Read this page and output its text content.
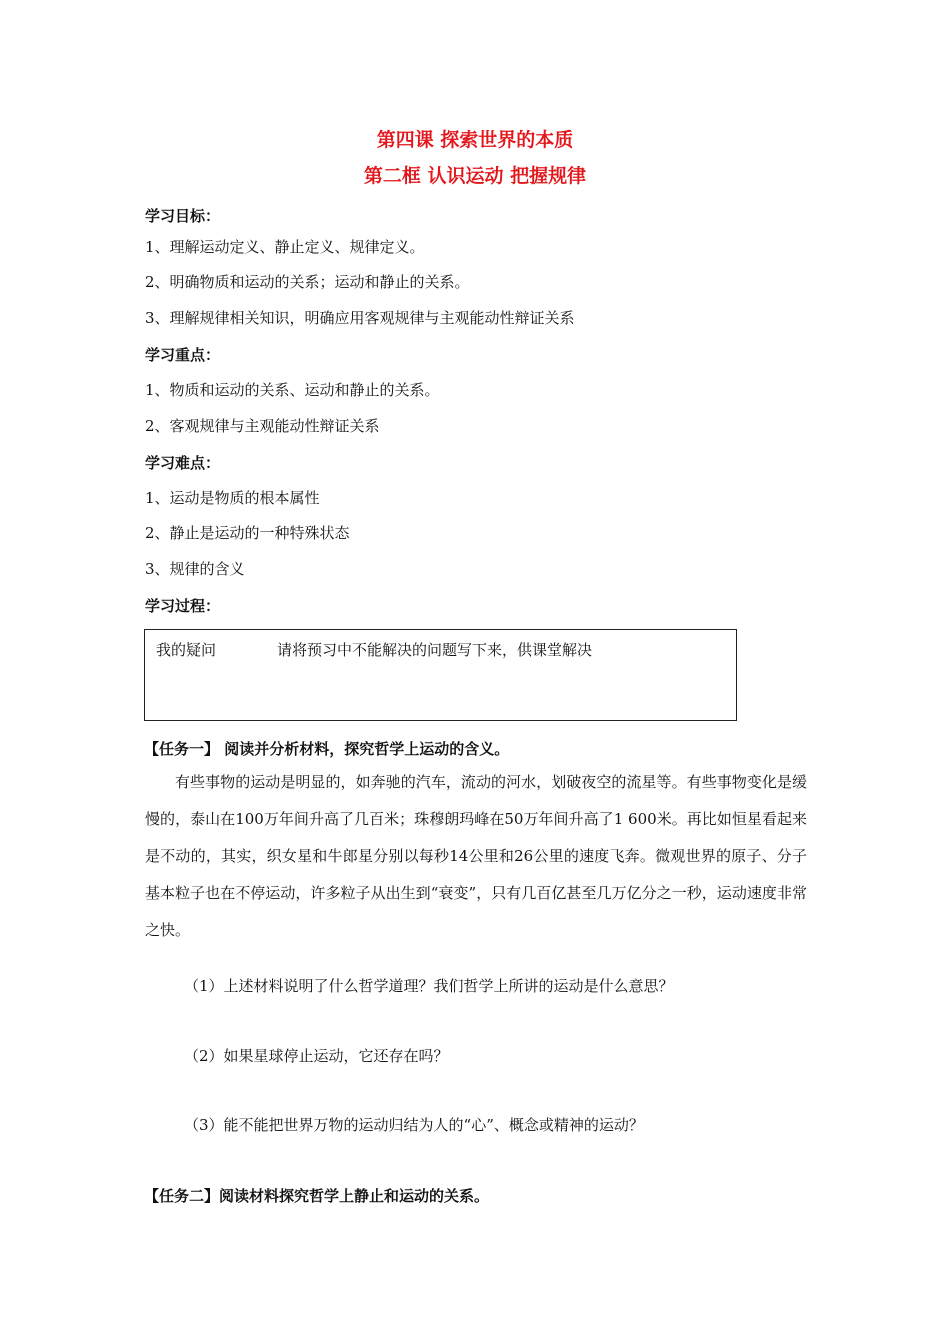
第四课 探索世界的本质
第二框 认识运动 把握规律
学习目标：
1、理解运动定义、静止定义、规律定义。
2、明确物质和运动的关系；运动和静止的关系。
3、理解规律相关知识，明确应用客观规律与主观能动性辩证关系
学习重点：
1、物质和运动的关系、运动和静止的关系。
2、客观规律与主观能动性辩证关系
学习难点：
1、运动是物质的根本属性
2、静止是运动的一种特殊状态
3、规律的含义
学习过程：
我的疑问	请将预习中不能解决的问题写下来，供课堂解决
【任务一】 阅读并分析材料，探究哲学上运动的含义。
有些事物的运动是明显的，如奔驰的汽车，流动的河水，划破夜空的流星等。有些事物变化是缓慢的，泰山在100万年间升高了几百米；珠穆朗玛峰在50万年间升高了1 600米。再比如恒星看起来是不动的，其实，织女星和牛郎星分别以每秒14公里和26公里的速度飞奔。微观世界的原子、分子基本粒子也在不停运动，许多粒子从出生到“衰变”，只有几百亿甚至几万亿分之一秒，运动速度非常之快。
（1）上述材料说明了什么哲学道理？我们哲学上所讲的运动是什么意思？
（2）如果星球停止运动，它还存在吗？
（3）能不能把世界万物的运动归结为人的“心”、概念或精神的运动？
【任务二】阅读材料探究哲学上静止和运动的关系。
